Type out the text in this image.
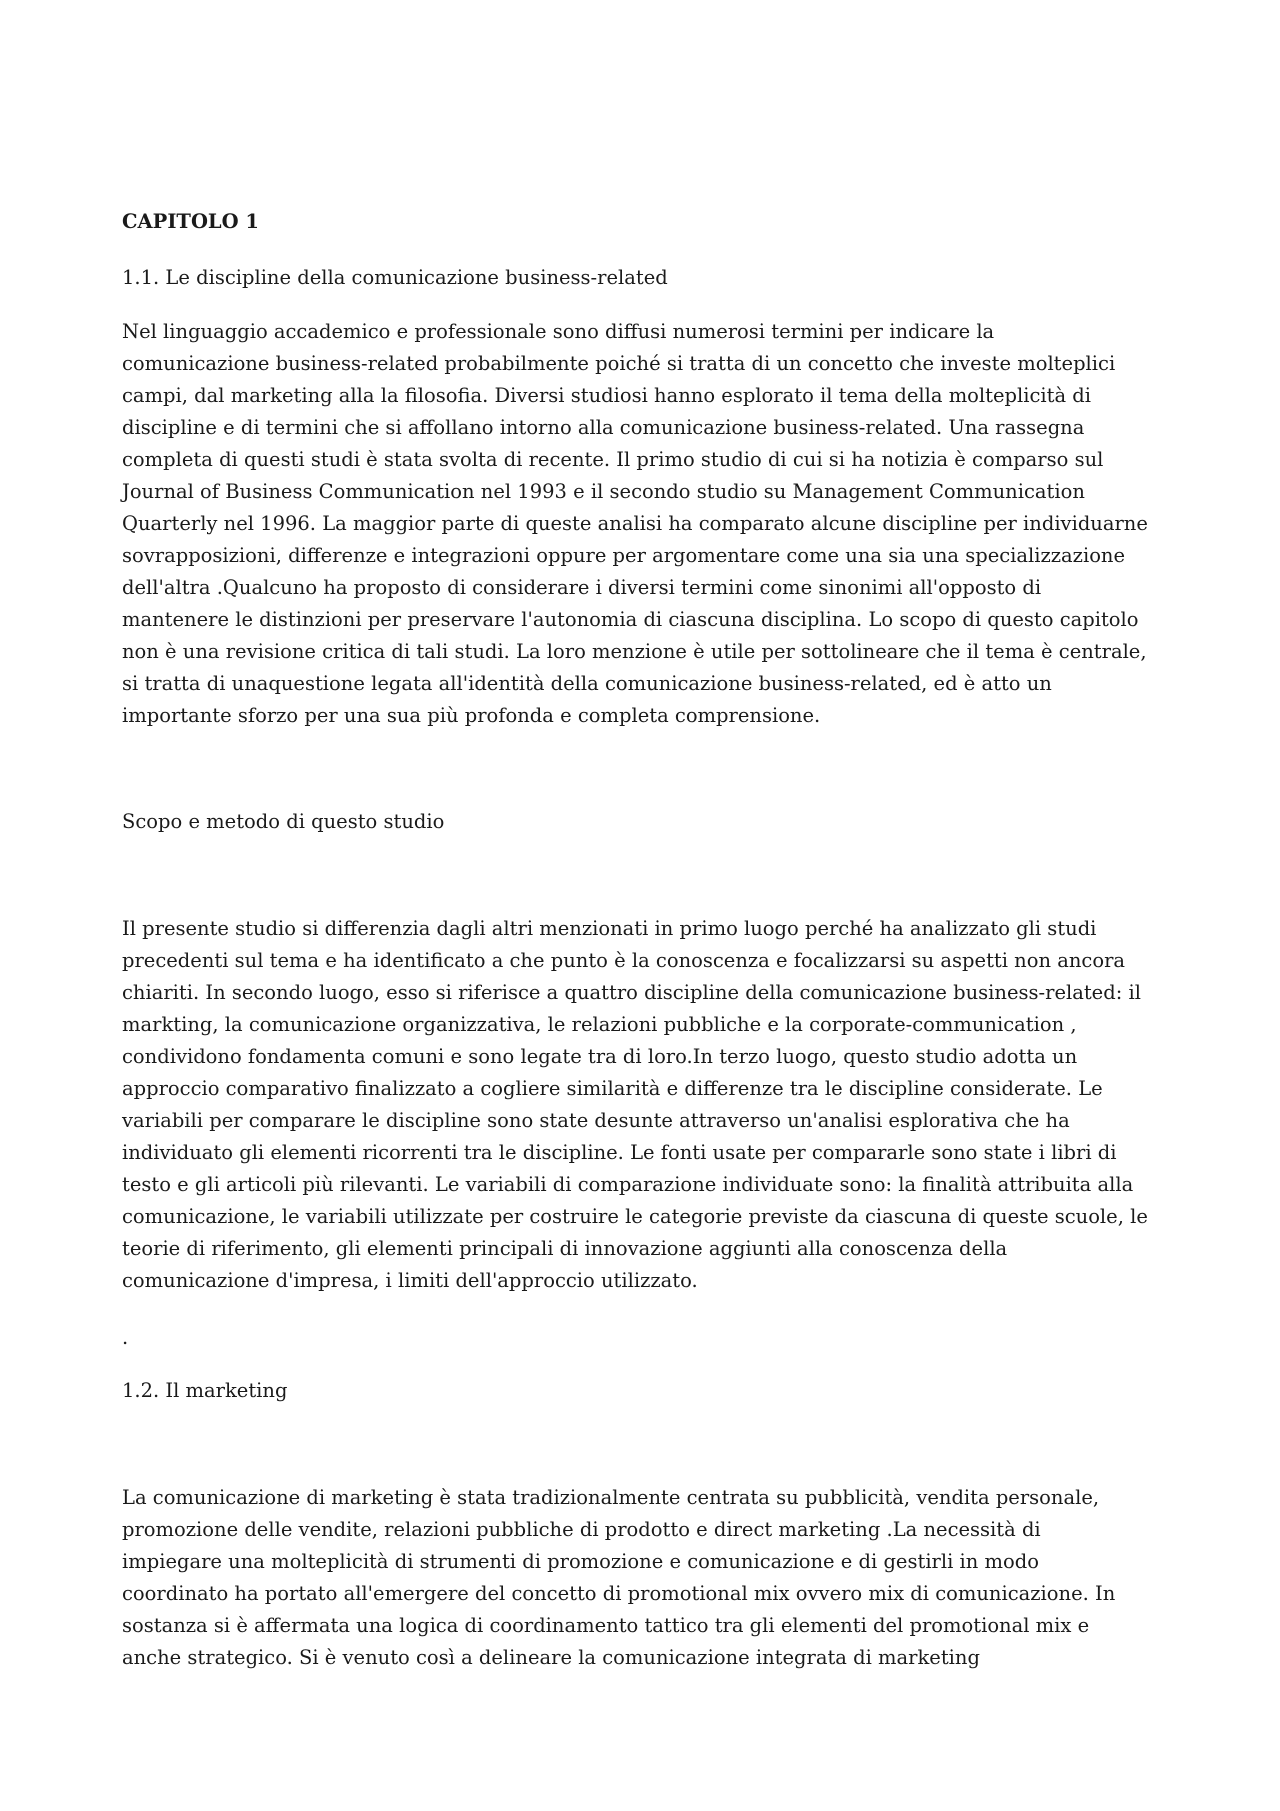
CAPITOLO 1

1.1. Le discipline della comunicazione business-related

Nel linguaggio accademico e professionale sono diffusi numerosi termini per indicare la
comunicazione business-related probabilmente poiché si tratta di un concetto che investe molteplici
campi, dal marketing alla la filosofia. Diversi studiosi hanno esplorato il tema della molteplicità di
discipline e di termini che si affollano intorno alla comunicazione business-related. Una rassegna
completa di questi studi è stata svolta di recente. Il primo studio di cui si ha notizia è comparso sul
Journal of Business Communication nel 1993 e il secondo studio su Management Communication
Quarterly nel 1996. La maggior parte di queste analisi ha comparato alcune discipline per individuarne
sovrapposizioni, differenze e integrazioni oppure per argomentare come una sia una specializzazione
dell'altra .Qualcuno ha proposto di considerare i diversi termini come sinonimi all'opposto di
mantenere le distinzioni per preservare l'autonomia di ciascuna disciplina. Lo scopo di questo capitolo
non è una revisione critica di tali studi. La loro menzione è utile per sottolineare che il tema è centrale,
si tratta di unaquestione legata all'identità della comunicazione business-related, ed è atto un
importante sforzo per una sua più profonda e completa comprensione.

Scopo e metodo di questo studio

Il presente studio si differenzia dagli altri menzionati in primo luogo perché ha analizzato gli studi
precedenti sul tema e ha identificato a che punto è la conoscenza e focalizzarsi su aspetti non ancora
chiariti. In secondo luogo, esso si riferisce a quattro discipline della comunicazione business-related: il
markting, la comunicazione organizzativa, le relazioni pubbliche e la corporate-communication ,
condividono fondamenta comuni e sono legate tra di loro.In terzo luogo, questo studio adotta un
approccio comparativo finalizzato a cogliere similarità e differenze tra le discipline considerate. Le
variabili per comparare le discipline sono state desunte attraverso un'analisi esplorativa che ha
individuato gli elementi ricorrenti tra le discipline. Le fonti usate per compararle sono state i libri di
testo e gli articoli più rilevanti. Le variabili di comparazione individuate sono: la finalità attribuita alla
comunicazione, le variabili utilizzate per costruire le categorie previste da ciascuna di queste scuole, le
teorie di riferimento, gli elementi principali di innovazione aggiunti alla conoscenza della
comunicazione d'impresa, i limiti dell'approccio utilizzato.

.

1.2. Il marketing

La comunicazione di marketing è stata tradizionalmente centrata su pubblicità, vendita personale,
promozione delle vendite, relazioni pubbliche di prodotto e direct marketing .La necessità di
impiegare una molteplicità di strumenti di promozione e comunicazione e di gestirli in modo
coordinato ha portato all'emergere del concetto di promotional mix ovvero mix di comunicazione. In
sostanza si è affermata una logica di coordinamento tattico tra gli elementi del promotional mix e
anche strategico. Si è venuto così a delineare la comunicazione integrata di marketing
